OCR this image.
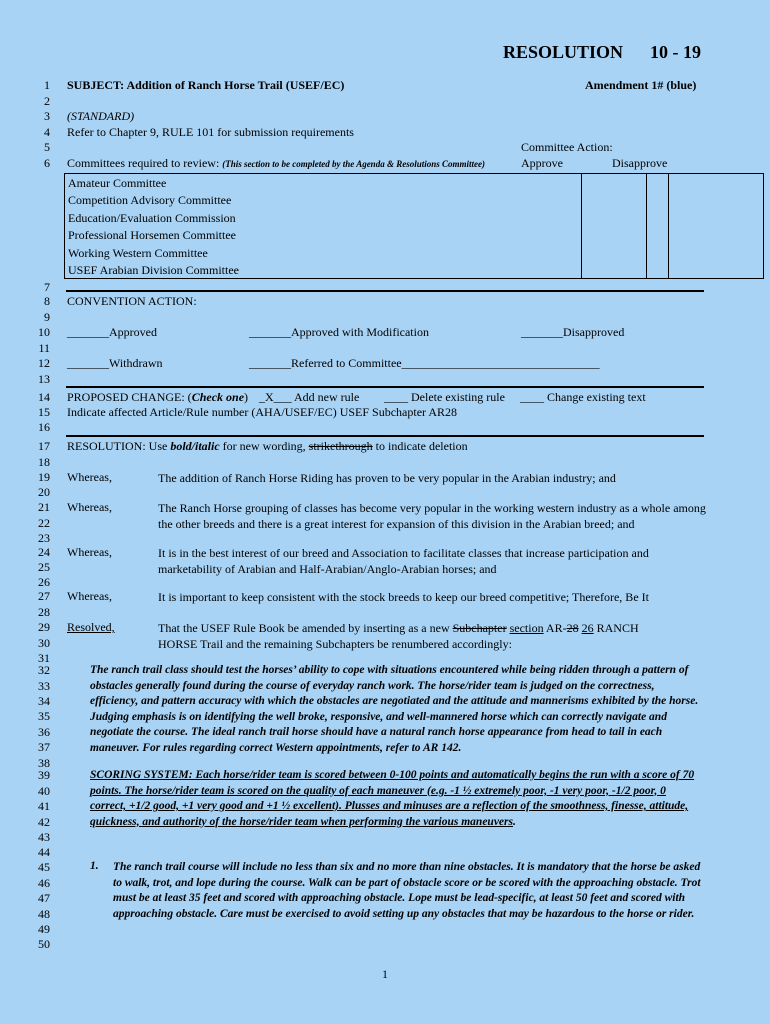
RESOLUTION 10 - 19
1
2
3
4
5
6
7
8
9
10
11
12
13
14
15
16
17
18
19
20
21
22
23
24
25
26
27
28
29
30
31
32
33
34
35
36
37
38
39
40
41
42
43
44
45
46
47
48
49
50
SUBJECT: Addition of Ranch Horse Trail (USEF/EC)	Amendment 1# (blue)
(STANDARD)
Refer to Chapter 9, RULE 101 for submission requirements
Committee Action:
Committees required to review: (This section to be completed by the Agenda & Resolutions Committee)	Approve	Disapprove
Amateur Committee
Competition Advisory Committee
Education/Evaluation Commission
Professional Horsemen Committee
Working Western Committee
USEF Arabian Division Committee

CONVENTION ACTION:
_______Approved	_______Approved with Modification	_______Disapproved
_______Withdrawn	_______Referred to Committee_________________________________
PROPOSED CHANGE: (Check one) _X___ Add new rule ____ Delete existing rule ____ Change existing text
Indicate affected Article/Rule number (AHA/USEF/EC) USEF Subchapter AR28
RESOLUTION: Use bold/italic for new wording, strikethrough to indicate deletion
Whereas,	The addition of Ranch Horse Riding has proven to be very popular in the Arabian industry; and
Whereas,	The Ranch Horse grouping of classes has become very popular in the working western industry as a whole among the other breeds and there is a great interest for expansion of this division in the Arabian breed; and
Whereas,	It is in the best interest of our breed and Association to facilitate classes that increase participation and marketability of Arabian and Half-Arabian/Anglo-Arabian horses; and
Whereas,	It is important to keep consistent with the stock breeds to keep our breed competitive; Therefore, Be It
Resolved,	That the USEF Rule Book be amended by inserting as a new Subchapter section AR-28 26 RANCH HORSE Trail and the remaining Subchapters be renumbered accordingly:
The ranch trail class should test the horses’ ability to cope with situations encountered while being ridden through a pattern of obstacles generally found during the course of everyday ranch work. The horse/rider team is judged on the correctness, efficiency, and pattern accuracy with which the obstacles are negotiated and the attitude and mannerisms exhibited by the horse. Judging emphasis is on identifying the well broke, responsive, and well-mannered horse which can correctly navigate and negotiate the course. The ideal ranch trail horse should have a natural ranch horse appearance from head to tail in each maneuver. For rules regarding correct Western appointments, refer to AR 142.
SCORING SYSTEM: Each horse/rider team is scored between 0-100 points and automatically begins the run with a score of 70 points. The horse/rider team is scored on the quality of each maneuver (e.g. -1 ½ extremely poor, -1 very poor, -1/2 poor, 0 correct, +1/2 good, +1 very good and +1 ½ excellent). Plusses and minuses are a reflection of the smoothness, finesse, attitude, quickness, and authority of the horse/rider team when performing the various maneuvers.
1. The ranch trail course will include no less than six and no more than nine obstacles. It is mandatory that the horse be asked to walk, trot, and lope during the course. Walk can be part of obstacle score or be scored with the approaching obstacle. Trot must be at least 35 feet and scored with approaching obstacle. Lope must be lead-specific, at least 50 feet and scored with approaching obstacle. Care must be exercised to avoid setting up any obstacles that may be hazardous to the horse or rider.
1
